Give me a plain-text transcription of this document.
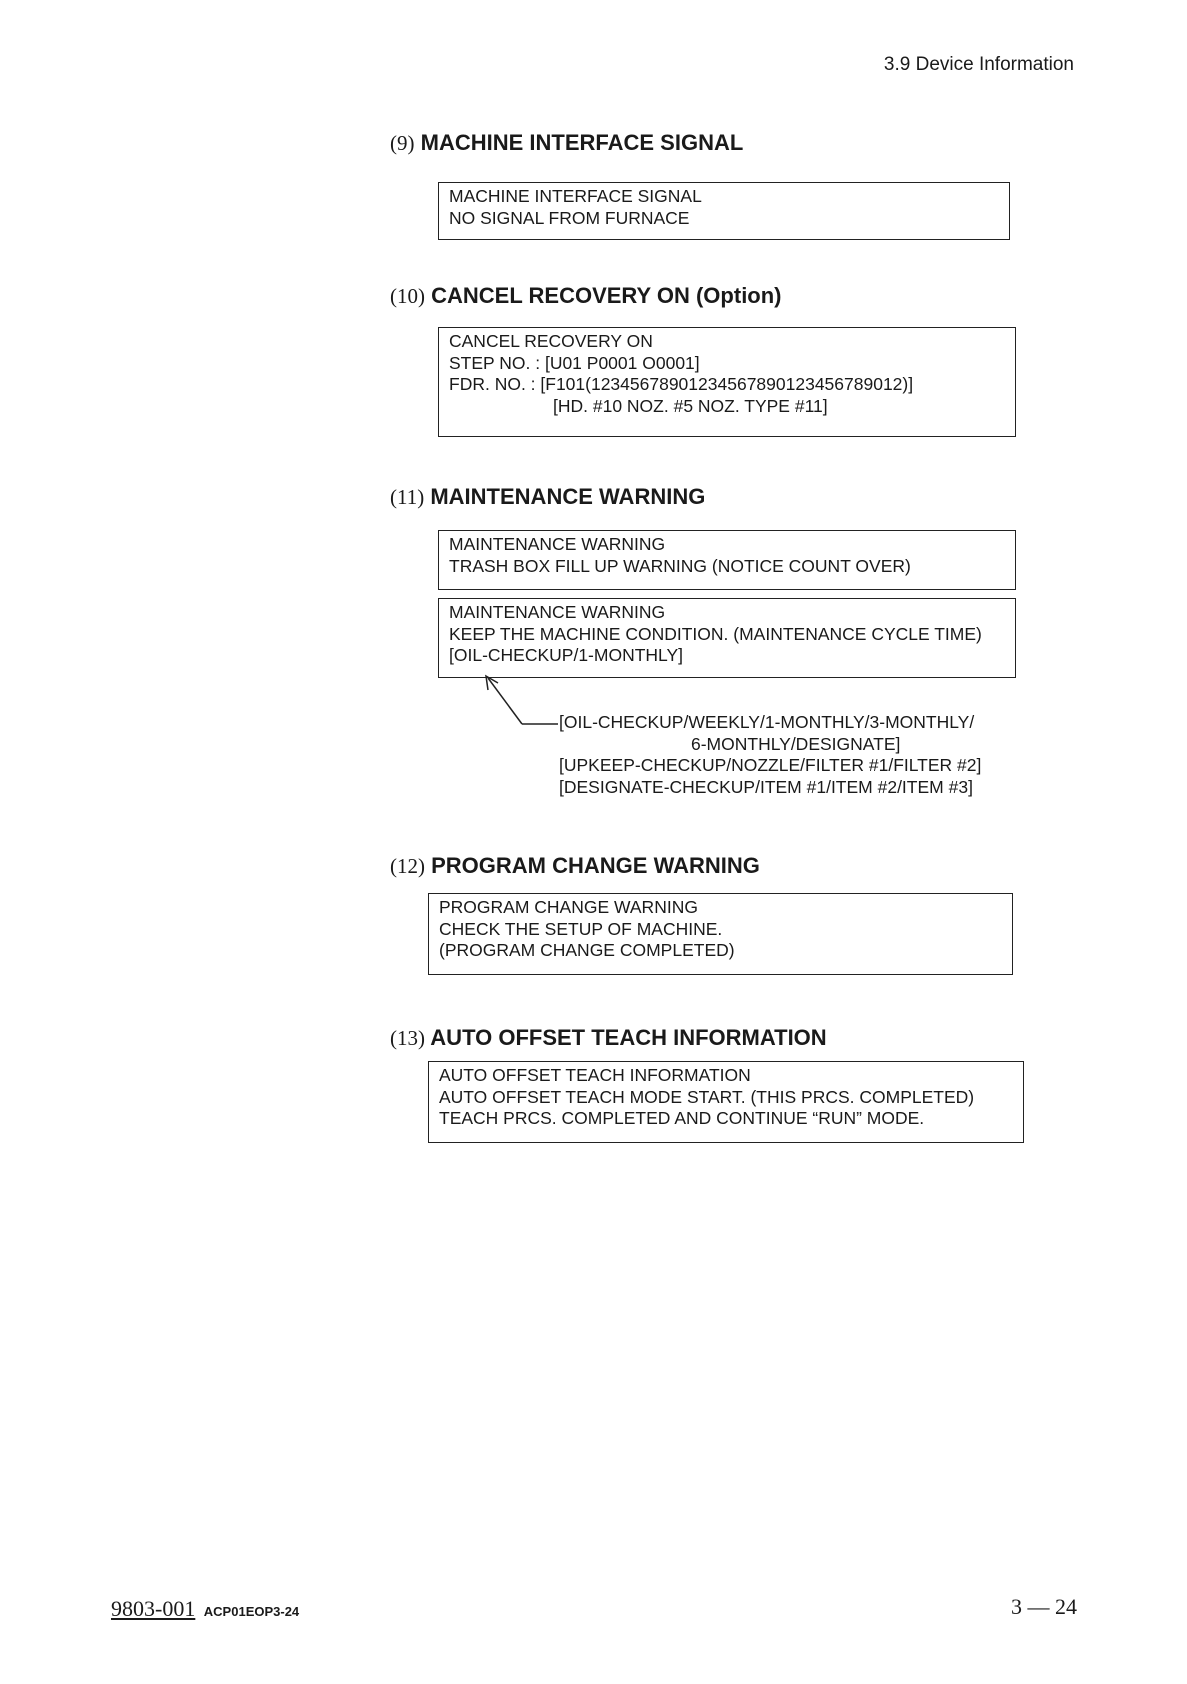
3.9 Device Information
(9) MACHINE INTERFACE SIGNAL
MACHINE INTERFACE SIGNAL
NO SIGNAL FROM FURNACE
(10) CANCEL RECOVERY ON (Option)
CANCEL RECOVERY ON
STEP NO. : [U01 P0001 O0001]
FDR. NO. : [F101(12345678901234567890123456789012)]
[HD. #10 NOZ. #5 NOZ. TYPE #11]
(11) MAINTENANCE WARNING
MAINTENANCE WARNING
TRASH BOX FILL UP WARNING (NOTICE COUNT OVER)
MAINTENANCE WARNING
KEEP THE MACHINE CONDITION. (MAINTENANCE CYCLE TIME)
[OIL-CHECKUP/1-MONTHLY]
[OIL-CHECKUP/WEEKLY/1-MONTHLY/3-MONTHLY/
6-MONTHLY/DESIGNATE]
[UPKEEP-CHECKUP/NOZZLE/FILTER #1/FILTER #2]
[DESIGNATE-CHECKUP/ITEM #1/ITEM #2/ITEM #3]
(12) PROGRAM CHANGE WARNING
PROGRAM CHANGE WARNING
CHECK THE SETUP OF MACHINE.
(PROGRAM CHANGE COMPLETED)
(13) AUTO OFFSET TEACH INFORMATION
AUTO OFFSET TEACH INFORMATION
AUTO OFFSET TEACH MODE START. (THIS PRCS. COMPLETED)
TEACH PRCS. COMPLETED AND CONTINUE “RUN” MODE.
9803-001 ACP01EOP3-24	3 — 24
